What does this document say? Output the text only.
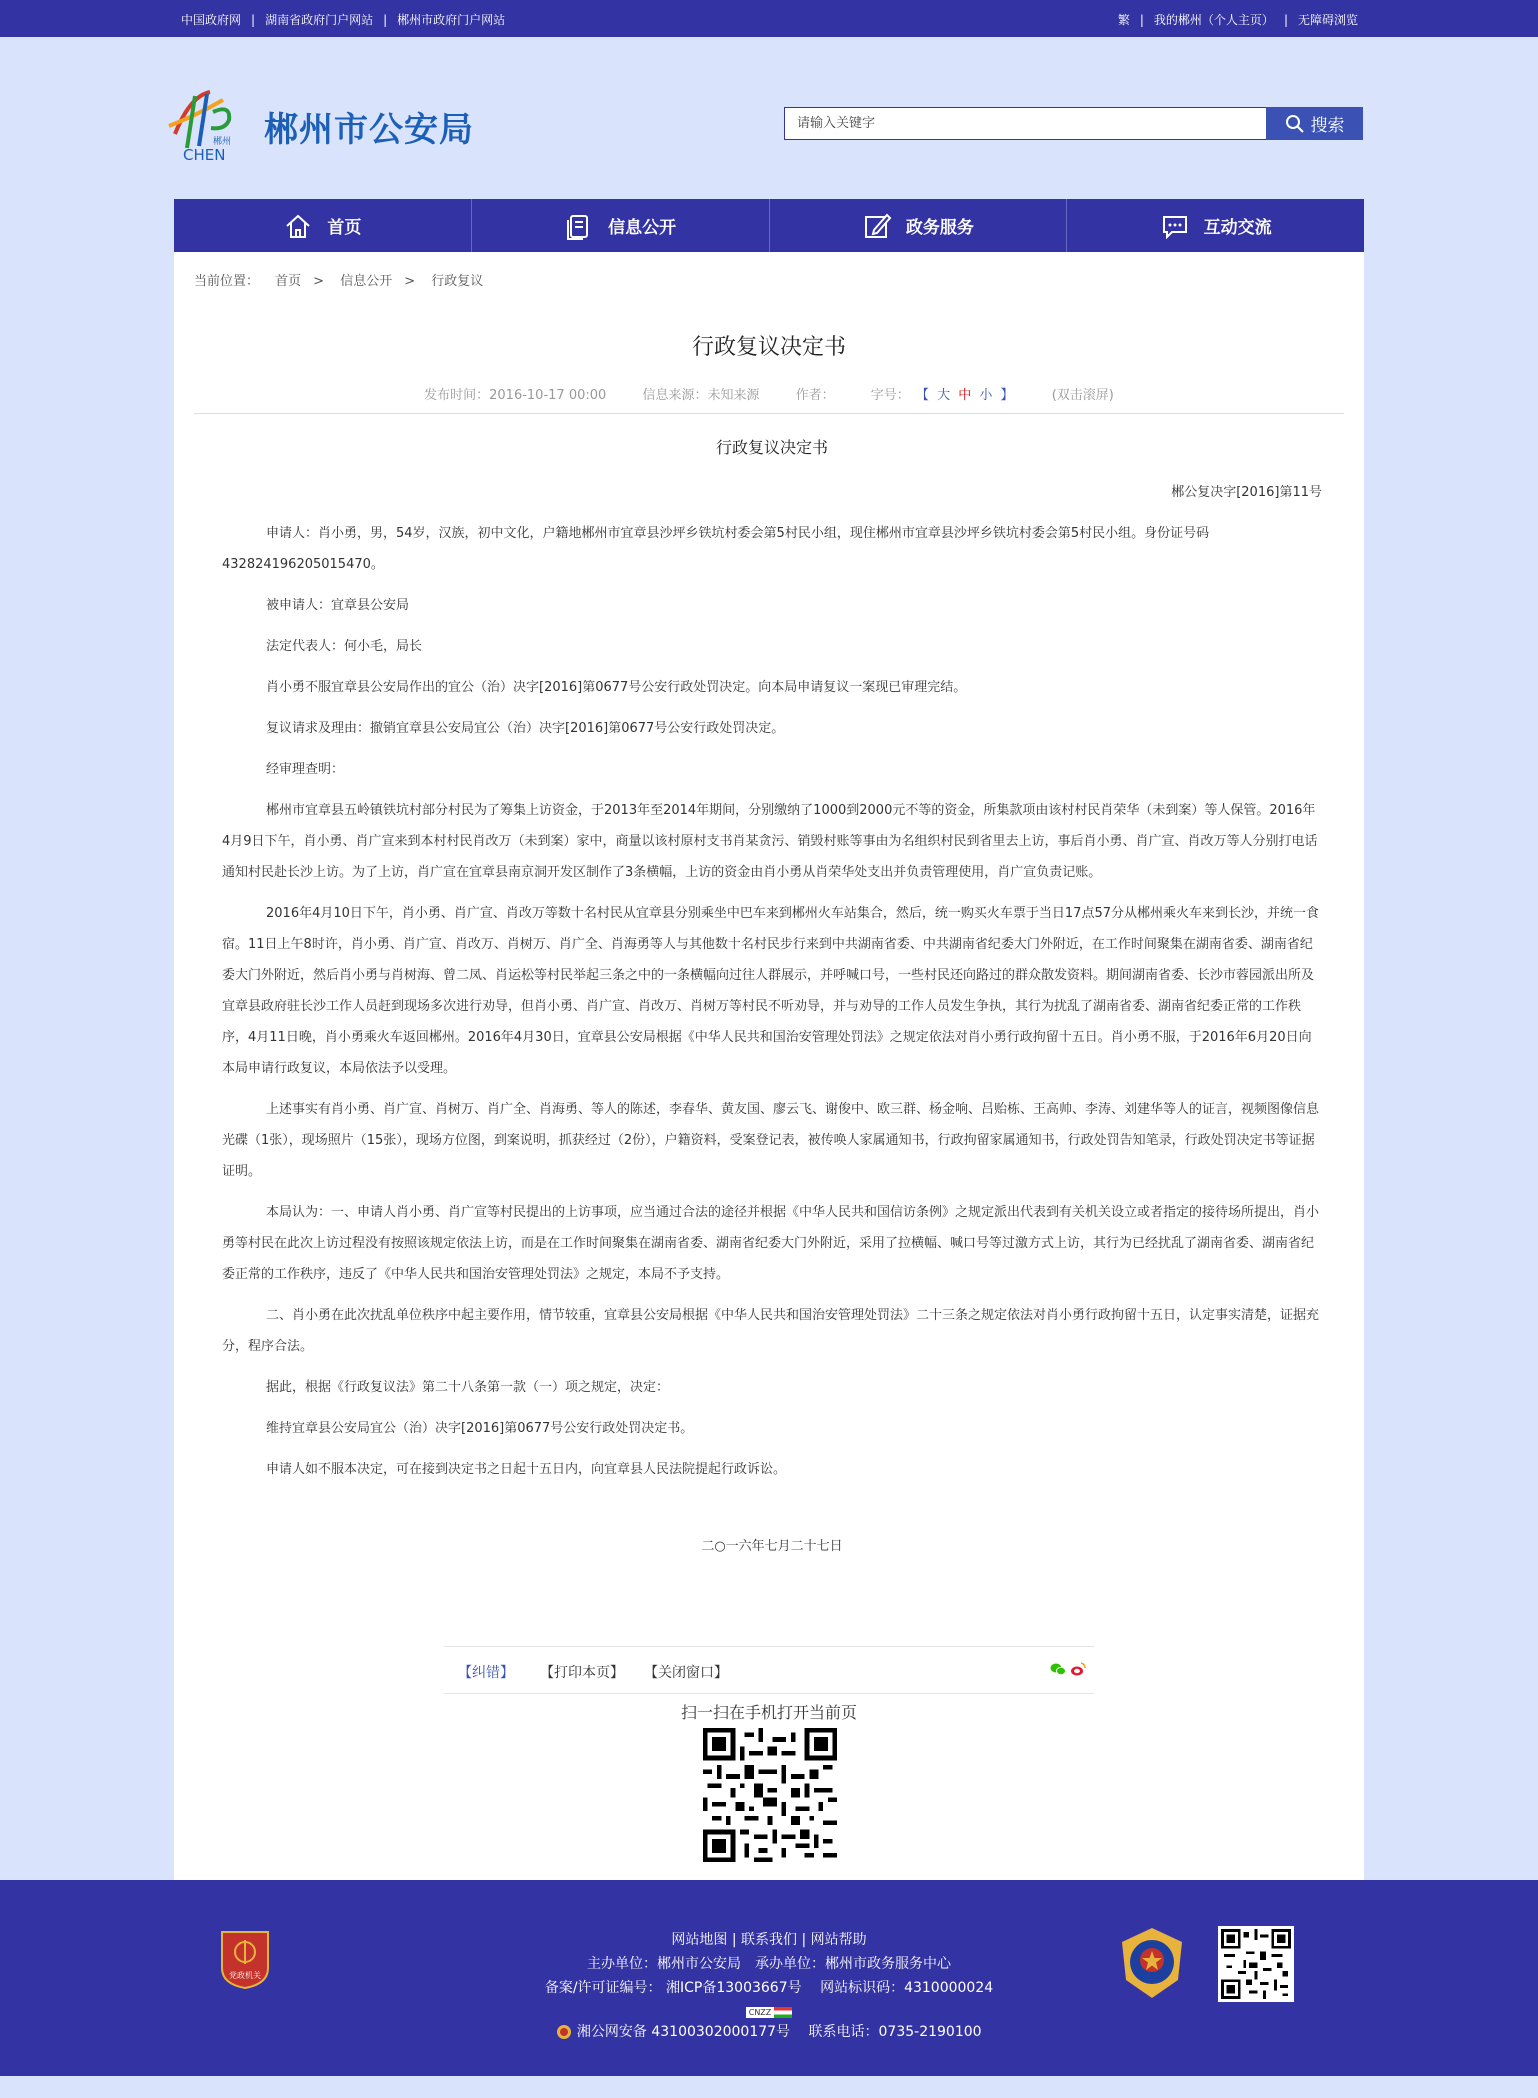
中国政府网 | 湖南省政府门户网站 | 郴州市政府门户网站	繁 | 我的郴州（个人主页） | 无障碍浏览
郴州
CHEN
郴州市公安局	请输入关键字	搜索
首页	信息公开	政务服务	互动交流
当前位置： 首页 > 信息公开 > 行政复议
行政复议决定书
发布时间：2016-10-17 00:00	信息来源：未知来源	作者：	字号： 【 大 中 小 】	(双击滚屏)
行政复议决定书
郴公复决字[2016]第11号

申请人：肖小勇，男，54岁，汉族，初中文化，户籍地郴州市宜章县沙坪乡铁坑村委会第5村民小组，现住郴州市宜章县沙坪乡铁坑村委会第5村民小组。身份证号码432824196205015470。

被申请人：宜章县公安局

法定代表人：何小毛，局长

肖小勇不服宜章县公安局作出的宜公（治）决字[2016]第0677号公安行政处罚决定。向本局申请复议一案现已审理完结。

复议请求及理由：撤销宜章县公安局宜公（治）决字[2016]第0677号公安行政处罚决定。

经审理查明：

郴州市宜章县五岭镇铁坑村部分村民为了筹集上访资金，于2013年至2014年期间，分别缴纳了1000到2000元不等的资金，所集款项由该村村民肖荣华（未到案）等人保管。2016年4月9日下午，肖小勇、肖广宣来到本村村民肖改万（未到案）家中，商量以该村原村支书肖某贪污、销毁村账等事由为名组织村民到省里去上访，事后肖小勇、肖广宣、肖改万等人分别打电话通知村民赴长沙上访。为了上访，肖广宣在宜章县南京洞开发区制作了3条横幅，上访的资金由肖小勇从肖荣华处支出并负责管理使用，肖广宣负责记账。

2016年4月10日下午，肖小勇、肖广宣、肖改万等数十名村民从宜章县分别乘坐中巴车来到郴州火车站集合，然后，统一购买火车票于当日17点57分从郴州乘火车来到长沙，并统一食宿。11日上午8时许，肖小勇、肖广宣、肖改万、肖树万、肖广全、肖海勇等人与其他数十名村民步行来到中共湖南省委、中共湖南省纪委大门外附近，在工作时间聚集在湖南省委、湖南省纪委大门外附近，然后肖小勇与肖树海、曾二凤、肖运松等村民举起三条之中的一条横幅向过往人群展示，并呼喊口号，一些村民还向路过的群众散发资料。期间湖南省委、长沙市蓉园派出所及宜章县政府驻长沙工作人员赶到现场多次进行劝导，但肖小勇、肖广宣、肖改万、肖树万等村民不听劝导，并与劝导的工作人员发生争执，其行为扰乱了湖南省委、湖南省纪委正常的工作秩序，4月11日晚，肖小勇乘火车返回郴州。2016年4月30日，宜章县公安局根据《中华人民共和国治安管理处罚法》之规定依法对肖小勇行政拘留十五日。肖小勇不服，于2016年6月20日向本局申请行政复议，本局依法予以受理。

上述事实有肖小勇、肖广宣、肖树万、肖广全、肖海勇、等人的陈述，李春华、黄友国、廖云飞、谢俊中、欧三群、杨金响、吕贻栋、王高帅、李涛、刘建华等人的证言，视频图像信息光碟（1张），现场照片（15张），现场方位图，到案说明，抓获经过（2份），户籍资料，受案登记表，被传唤人家属通知书，行政拘留家属通知书，行政处罚告知笔录，行政处罚决定书等证据证明。

本局认为：一、申请人肖小勇、肖广宣等村民提出的上访事项，应当通过合法的途径并根据《中华人民共和国信访条例》之规定派出代表到有关机关设立或者指定的接待场所提出，肖小勇等村民在此次上访过程没有按照该规定依法上访，而是在工作时间聚集在湖南省委、湖南省纪委大门外附近，采用了拉横幅、喊口号等过激方式上访，其行为已经扰乱了湖南省委、湖南省纪委正常的工作秩序，违反了《中华人民共和国治安管理处罚法》之规定，本局不予支持。

二、肖小勇在此次扰乱单位秩序中起主要作用，情节较重，宜章县公安局根据《中华人民共和国治安管理处罚法》二十三条之规定依法对肖小勇行政拘留十五日，认定事实清楚，证据充分，程序合法。

据此，根据《行政复议法》第二十八条第一款（一）项之规定，决定：

维持宜章县公安局宜公（治）决字[2016]第0677号公安行政处罚决定书。

申请人如不服本决定，可在接到决定书之日起十五日内，向宜章县人民法院提起行政诉讼。

二○一六年七月二十七日
【纠错】 【打印本页】 【关闭窗口】
扫一扫在手机打开当前页
党政机关
网站地图 | 联系我们 | 网站帮助
主办单位：郴州市公安局　承办单位：郴州市政务服务中心
备案/许可证编号： 湘ICP备13003667号　 网站标识码：4310000024
CNZZ
湘公网安备 43100302000177号　 联系电话：0735-2190100
